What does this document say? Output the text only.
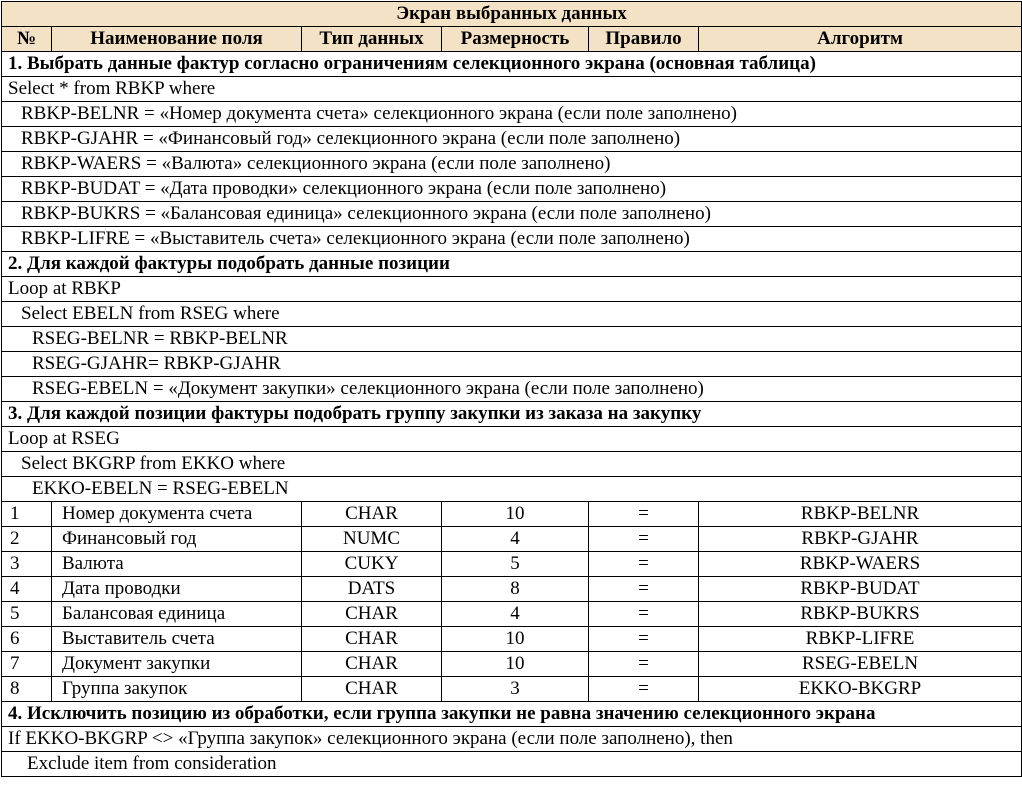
Экран выбранных данных					
№	Наименование поля	Тип данных	Размерность	Правило	Алгоритм
1. Выбрать данные фактур согласно ограничениям селекционного экрана (основная таблица)					
Select * from RBKP where					
RBKP-BELNR = «Номер документа счета» селекционного экрана (если поле заполнено)					
RBKP-GJAHR = «Финансовый год» селекционного экрана (если поле заполнено)					
RBKP-WAERS = «Валюта» селекционного экрана (если поле заполнено)					
RBKP-BUDAT = «Дата проводки» селекционного экрана (если поле заполнено)					
RBKP-BUKRS = «Балансовая единица» селекционного экрана (если поле заполнено)					
RBKP-LIFRE = «Выставитель счета» селекционного экрана (если поле заполнено)					
2. Для каждой фактуры подобрать данные позиции					
Loop at RBKP					
Select EBELN from RSEG where					
RSEG-BELNR = RBKP-BELNR					
RSEG-GJAHR= RBKP-GJAHR					
RSEG-EBELN = «Документ закупки» селекционного экрана (если поле заполнено)					
3. Для каждой позиции фактуры подобрать группу закупки из заказа на закупку					
Loop at RSEG					
Select BKGRP from EKKO where					
EKKO-EBELN = RSEG-EBELN					
1	Номер документа счета	CHAR	10	=	RBKP-BELNR
2	Финансовый год	NUMC	4	=	RBKP-GJAHR
3	Валюта	CUKY	5	=	RBKP-WAERS
4	Дата проводки	DATS	8	=	RBKP-BUDAT
5	Балансовая единица	CHAR	4	=	RBKP-BUKRS
6	Выставитель счета	CHAR	10	=	RBKP-LIFRE
7	Документ закупки	CHAR	10	=	RSEG-EBELN
8	Группа закупок	CHAR	3	=	EKKO-BKGRP
4. Исключить позицию из обработки, если группа закупки не равна значению селекционного экрана					
If EKKO-BKGRP <> «Группа закупок» селекционного экрана (если поле заполнено), then					
Exclude item from consideration					
